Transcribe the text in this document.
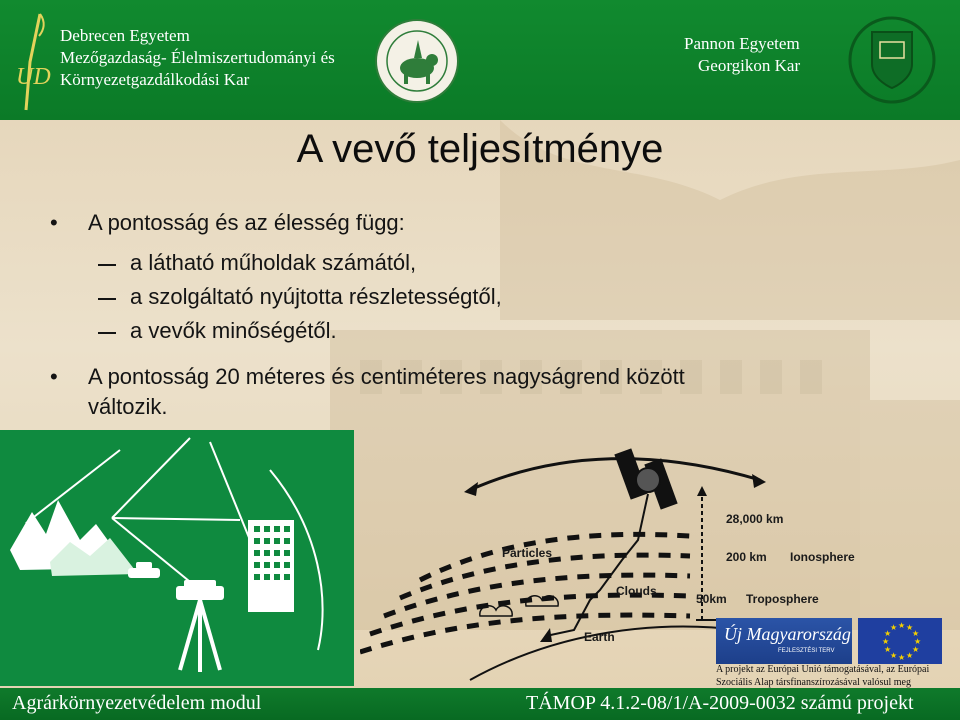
UD
Debrecen Egyetem
Mezőgazdaság- Élelmiszertudományi és
Környezetgazdálkodási Kar
Pannon Egyetem
Georgikon Kar
A vevő teljesítménye
• A pontosság és az élesség függ:
a látható műholdak számától,
a szolgáltató nyújtotta részletességtől,
a vevők minőségétől.
• A pontosság 20 méteres és centiméteres nagyságrend között
változik.
28,000 km
200 km Ionosphere
50km Troposphere
Particles
Clouds
Earth	Új Magyarország
FEJLESZTÉSI TERV
★ ★
★
★
★
★
★
★
★
★
★
★
A projekt az Európai Unió támogatásával, az Európai Szociális Alap társfinanszírozásával valósul meg
Agrárkörnyezetvédelem modul	TÁMOP 4.1.2-08/1/A-2009-0032 számú projekt
